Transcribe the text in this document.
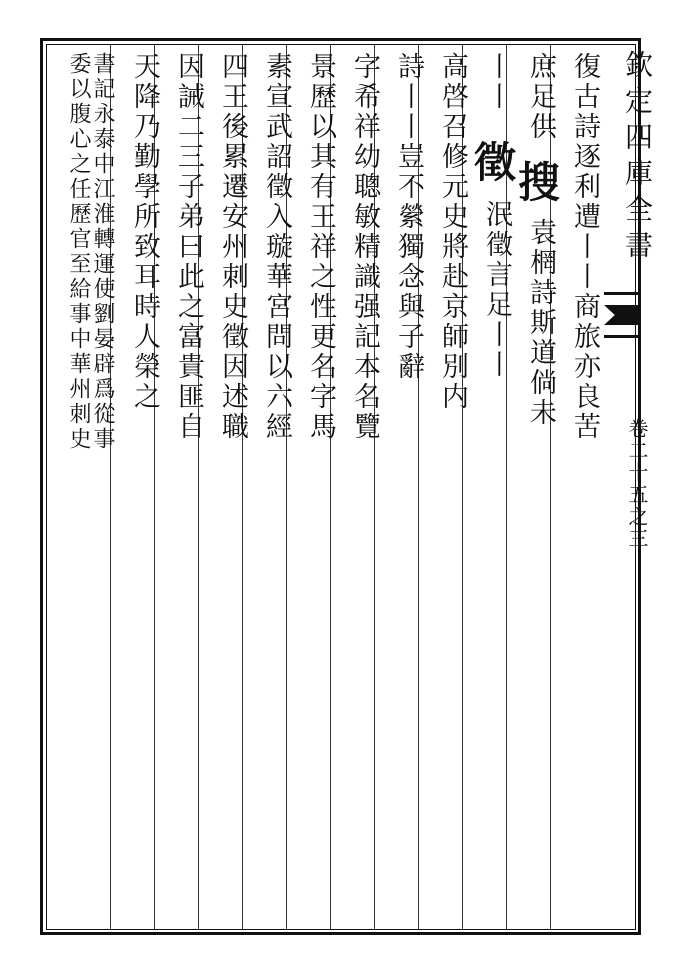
欽定四庫全書
卷二十五之三
復古詩逐利遭丨丨商旅亦良苦
庶足供
搜
袁棢詩斯道倘未
丨丨
徵
泯徵言足丨丨
高啓召修元史將赴京師別内
詩丨丨豈不縈獨念與子辭
字希祥幼聰敏精識强記本名覽
景歷以其有王祥之性更名字馬
素宣武詔徵入璇華宮問以六經
四王後累遷安州刺史徵因述職
因誡二三子弟曰此之富貴匪自
天降乃勤學所致耳時人榮之
書記永泰中江淮轉運使劉晏辟爲從事
委以腹心之任歷官至給事中華州刺史
